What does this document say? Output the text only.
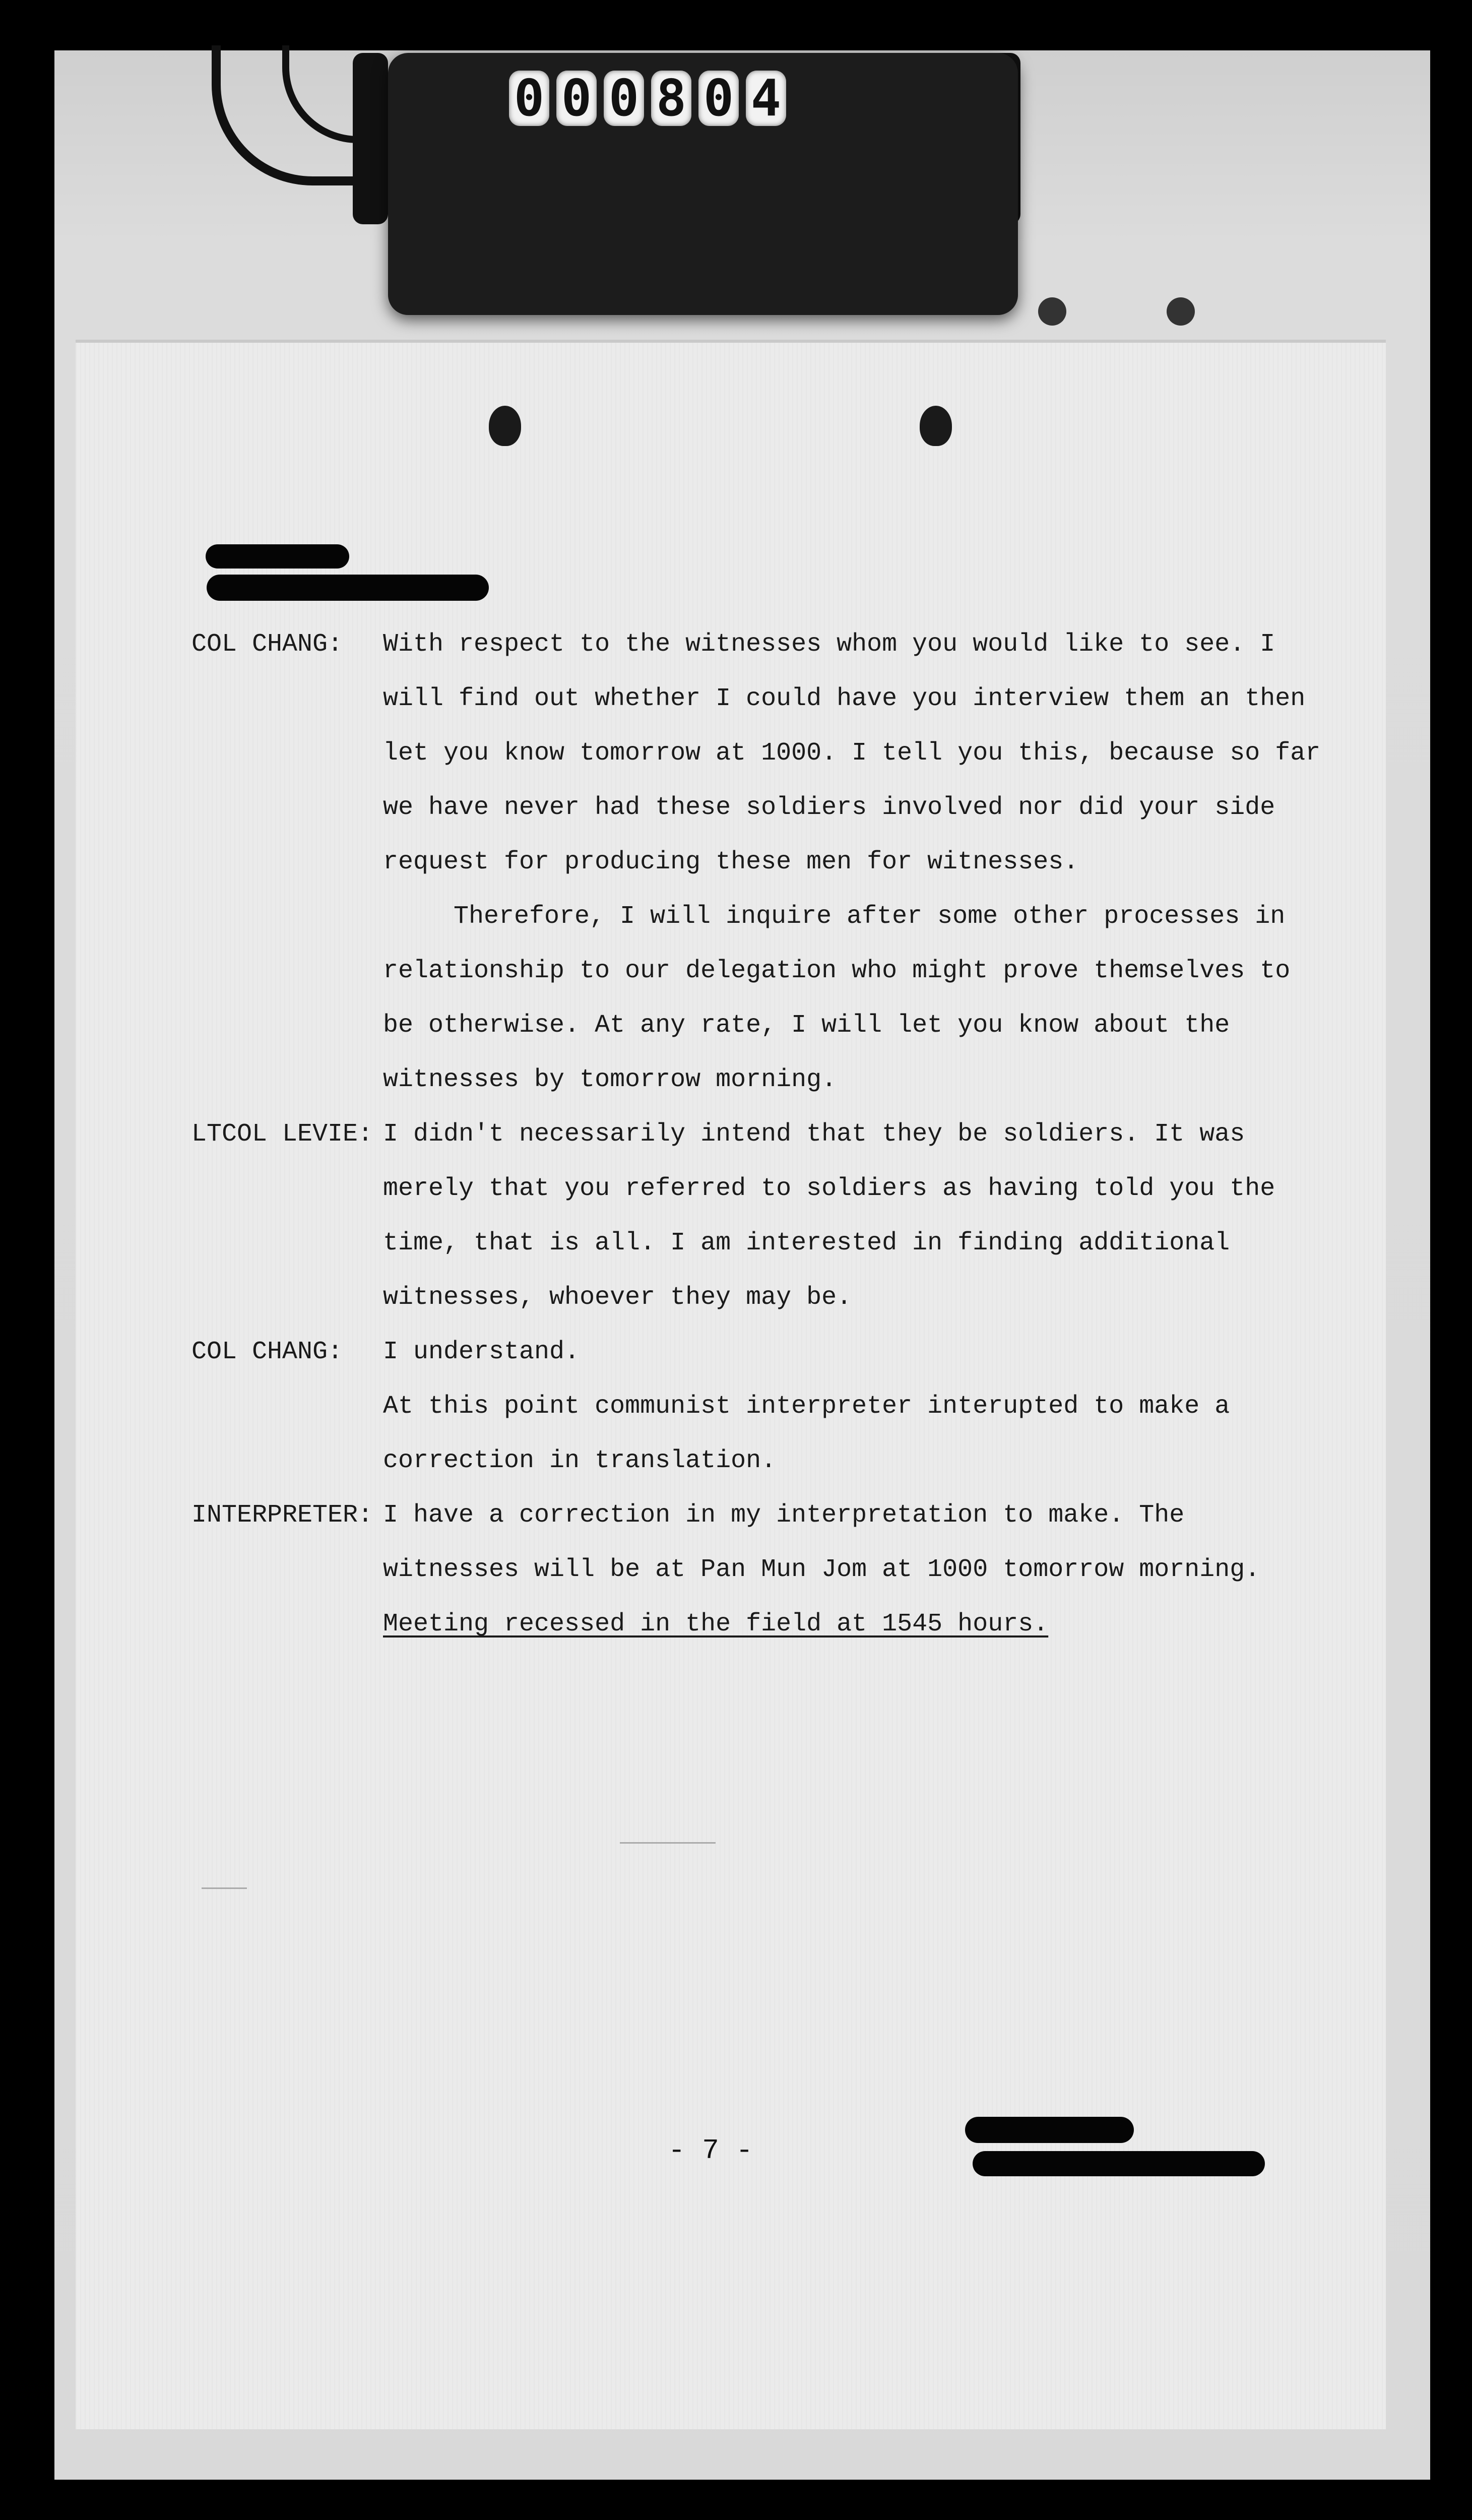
0 0 0 8 0 4
COL CHANG:	With respect to the witnesses whom you would like to see. I will find out whether I could have you interview them an then let you know tomorrow at 1000. I tell you this, because so far we have never had these soldiers involved nor did your side request for producing these men for witnesses.

Therefore, I will inquire after some other processes in relationship to our delegation who might prove themselves to be otherwise. At any rate, I will let you know about the witnesses by tomorrow morning.

LTCOL LEVIE: I didn't necessarily intend that they be soldiers. It was merely that you referred to soldiers as having told you the time, that is all. I am interested in finding additional witnesses, whoever they may be.

COL CHANG:	I understand.

At this point communist interpreter interupted to make a correction in translation.

INTERPRETER: I have a correction in my interpretation to make. The witnesses will be at Pan Mun Jom at 1000 tomorrow morning.

Meeting recessed in the field at 1545 hours.

- 7 -
